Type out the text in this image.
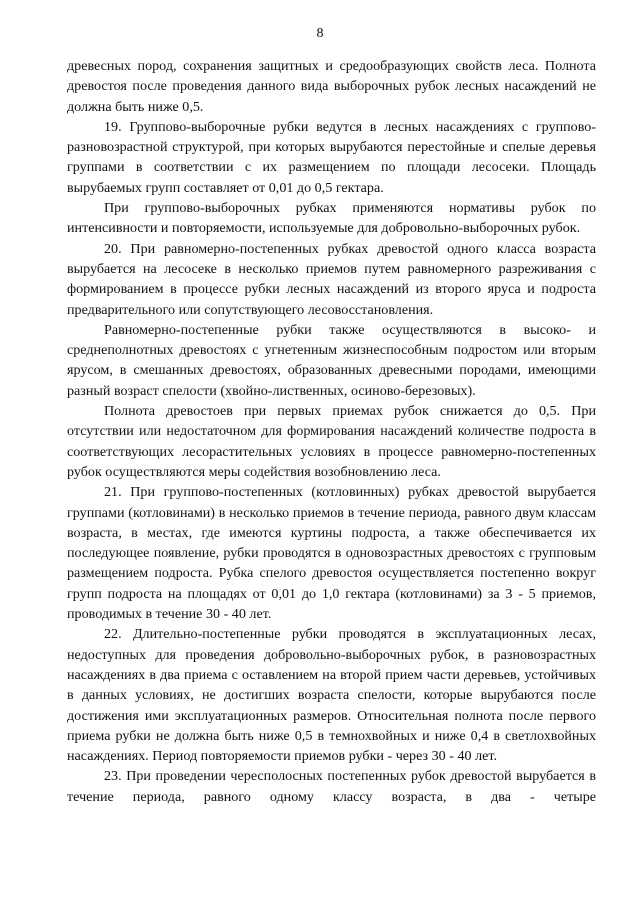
8

древесных пород, сохранения защитных и средообразующих свойств леса. Полнота древостоя после проведения данного вида выборочных рубок лесных насаждений не должна быть ниже 0,5.

19. Группово-выборочные рубки ведутся в лесных насаждениях с группово-разновозрастной структурой, при которых вырубаются перестойные и спелые деревья группами в соответствии с их размещением по площади лесосеки. Площадь вырубаемых групп составляет от 0,01 до 0,5 гектара.

При группово-выборочных рубках применяются нормативы рубок по интенсивности и повторяемости, используемые для добровольно-выборочных рубок.

20. При равномерно-постепенных рубках древостой одного класса возраста вырубается на лесосеке в несколько приемов путем равномерного разреживания с формированием в процессе рубки лесных насаждений из второго яруса и подроста предварительного или сопутствующего лесовосстановления.

Равномерно-постепенные рубки также осуществляются в высоко- и среднеполнотных древостоях с угнетенным жизнеспособным подростом или вторым ярусом, в смешанных древостоях, образованных древесными породами, имеющими разный возраст спелости (хвойно-лиственных, осиново-березовых).

Полнота древостоев при первых приемах рубок снижается до 0,5. При отсутствии или недостаточном для формирования насаждений количестве подроста в соответствующих лесорастительных условиях в процессе равномерно-постепенных рубок осуществляются меры содействия возобновлению леса.

21. При группово-постепенных (котловинных) рубках древостой вырубается группами (котловинами) в несколько приемов в течение периода, равного двум классам возраста, в местах, где имеются куртины подроста, а также обеспечивается их последующее появление, рубки проводятся в одновозрастных древостоях с групповым размещением подроста. Рубка спелого древостоя осуществляется постепенно вокруг групп подроста на площадях от 0,01 до 1,0 гектара (котловинами) за 3 - 5 приемов, проводимых в течение 30 - 40 лет.

22. Длительно-постепенные рубки проводятся в эксплуатационных лесах, недоступных для проведения добровольно-выборочных рубок, в разновозрастных насаждениях в два приема с оставлением на второй прием части деревьев, устойчивых в данных условиях, не достигших возраста спелости, которые вырубаются после достижения ими эксплуатационных размеров. Относительная полнота после первого приема рубки не должна быть ниже 0,5 в темнохвойных и ниже 0,4 в светлохвойных насаждениях. Период повторяемости приемов рубки - через 30 - 40 лет.

23. При проведении чересполосных постепенных рубок древостой вырубается в течение периода, равного одному классу возраста, в два - четыре
